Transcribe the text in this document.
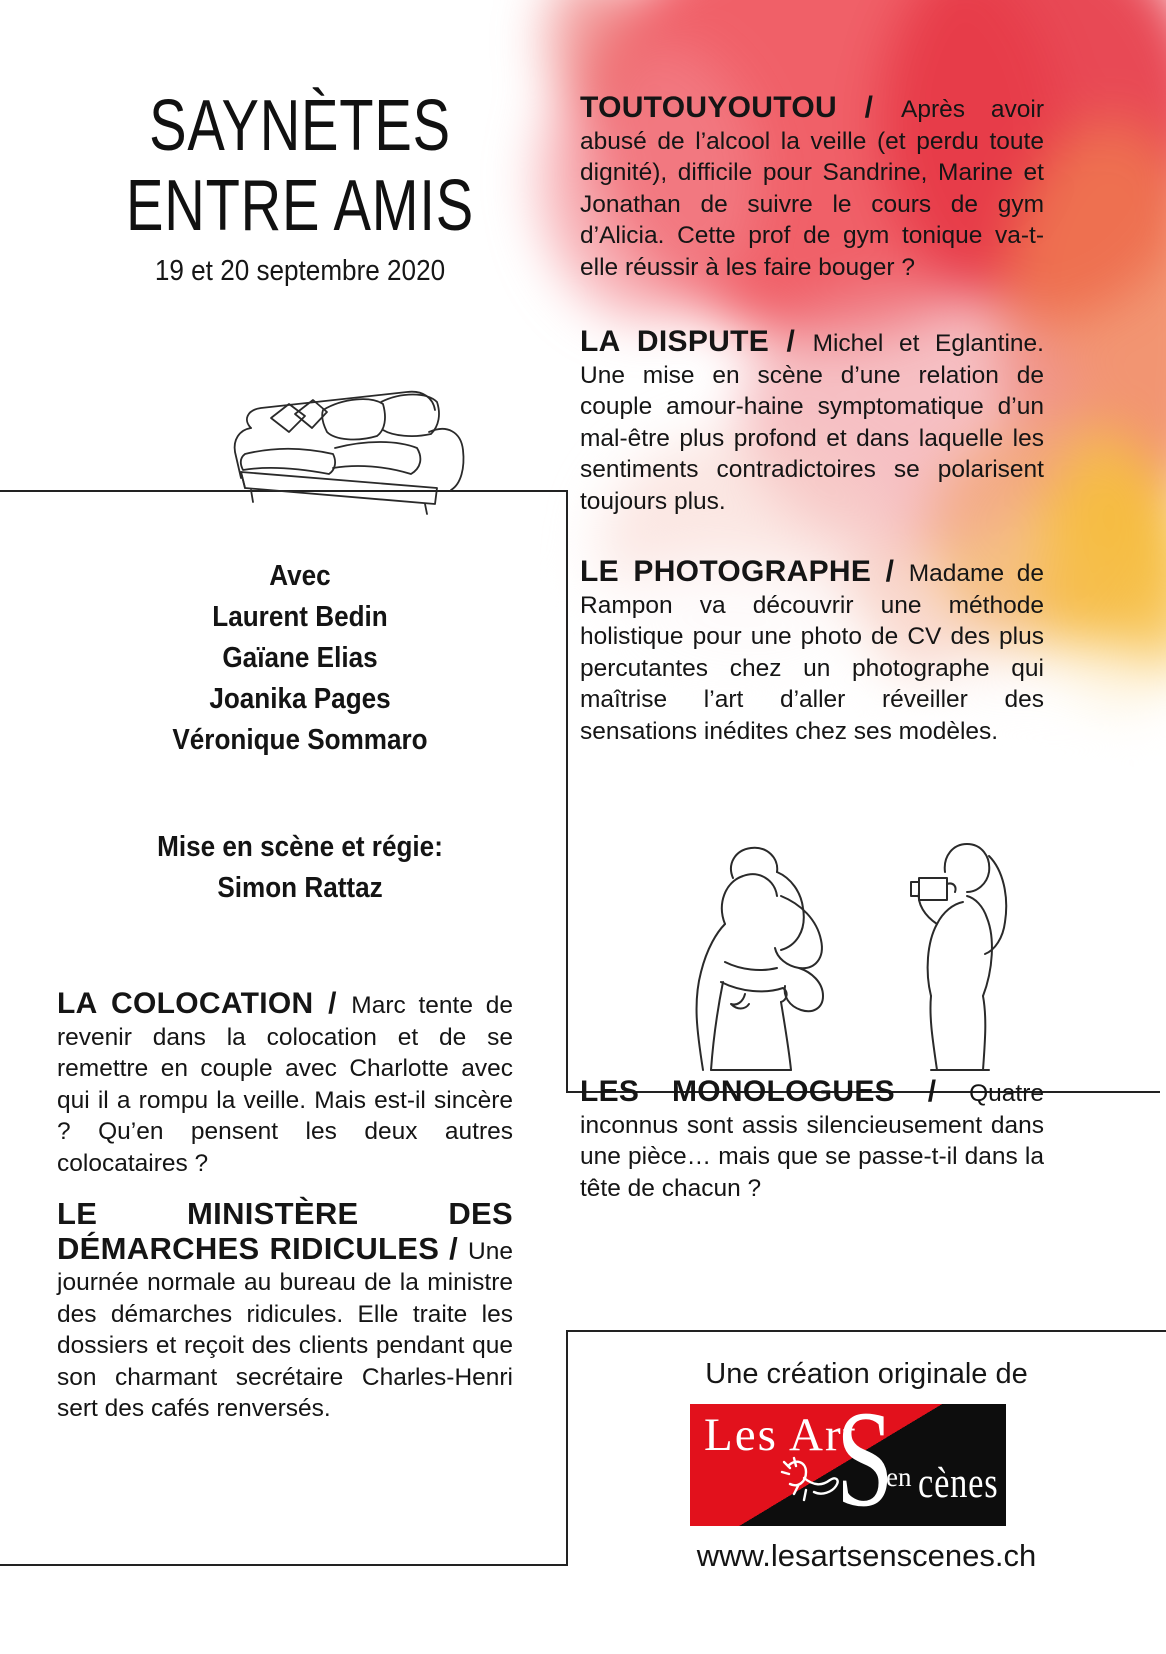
SAYNÈTES
ENTRE AMIS
19 et 20 septembre 2020
Avec
Laurent Bedin
Gaïane Elias
Joanika Pages
Véronique Sommaro
Mise en scène et régie:
Simon Rattaz

TOUTOUYOUTOU / Après avoir abusé de l’alcool la veille (et perdu toute dignité), difficile pour Sandrine, Marine et Jonathan de suivre le cours de gym d’Alicia. Cette prof de gym tonique va-t-elle réussir à les faire bouger ?

LA DISPUTE / Michel et Eglantine. Une mise en scène d’une relation de couple amour-haine symptomatique d’un mal-être plus profond et dans laquelle les sentiments contradictoires se polarisent toujours plus.

LE PHOTOGRAPHE / Madame de Rampon va découvrir une méthode holistique pour une photo de CV des plus percutantes chez un photographe qui maîtrise l’art d’aller réveiller des sensations inédites chez ses modèles.

LES MONOLOGUES / Quatre inconnus sont assis silencieusement dans une pièce… mais que se passe-t-il dans la tête de chacun ?

LA COLOCATION / Marc tente de revenir dans la colocation et de se remettre en couple avec Charlotte avec qui il a rompu la veille. Mais est-il sincère ? Qu’en pensent les deux autres colocataires ?

LE MINISTÈRE DES DÉMARCHES RIDICULES / Une journée normale au bureau de la ministre des démarches ridicules. Elle traite les dossiers et reçoit des clients pendant que son charmant secrétaire Charles-Henri sert des cafés renversés.

Une création originale de
Les Art
S
en cènes
www.lesartsenscenes.ch
